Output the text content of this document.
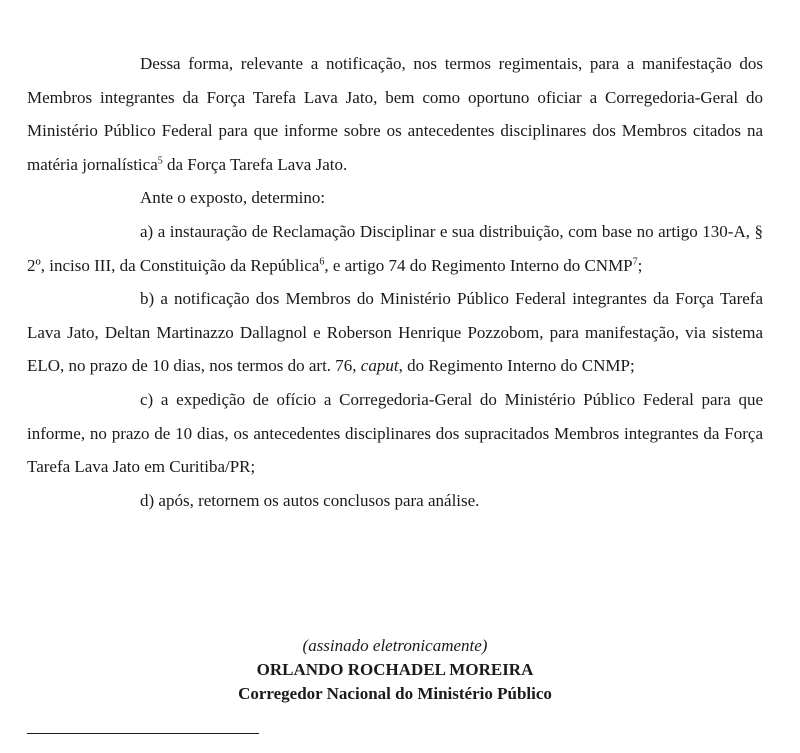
Dessa forma, relevante a notificação, nos termos regimentais, para a manifestação dos Membros integrantes da Força Tarefa Lava Jato, bem como oportuno oficiar a Corregedoria-Geral do Ministério Público Federal para que informe sobre os antecedentes disciplinares dos Membros citados na matéria jornalística$^5$ da Força Tarefa Lava Jato.

Ante o exposto, determino:

a) a instauração de Reclamação Disciplinar e sua distribuição, com base no artigo 130-A, § 2º, inciso III, da Constituição da República$^6$, e artigo 74 do Regimento Interno do CNMP$^7$;

b) a notificação dos Membros do Ministério Público Federal integrantes da Força Tarefa Lava Jato, Deltan Martinazzo Dallagnol e Roberson Henrique Pozzobom, para manifestação, via sistema ELO, no prazo de 10 dias, nos termos do art. 76, caput, do Regimento Interno do CNMP;

c) a expedição de ofício a Corregedoria-Geral do Ministério Público Federal para que informe, no prazo de 10 dias, os antecedentes disciplinares dos supracitados Membros integrantes da Força Tarefa Lava Jato em Curitiba/PR;

d) após, retornem os autos conclusos para análise.

(assinado eletronicamente)
ORLANDO ROCHADEL MOREIRA
Corregedor Nacional do Ministério Público
